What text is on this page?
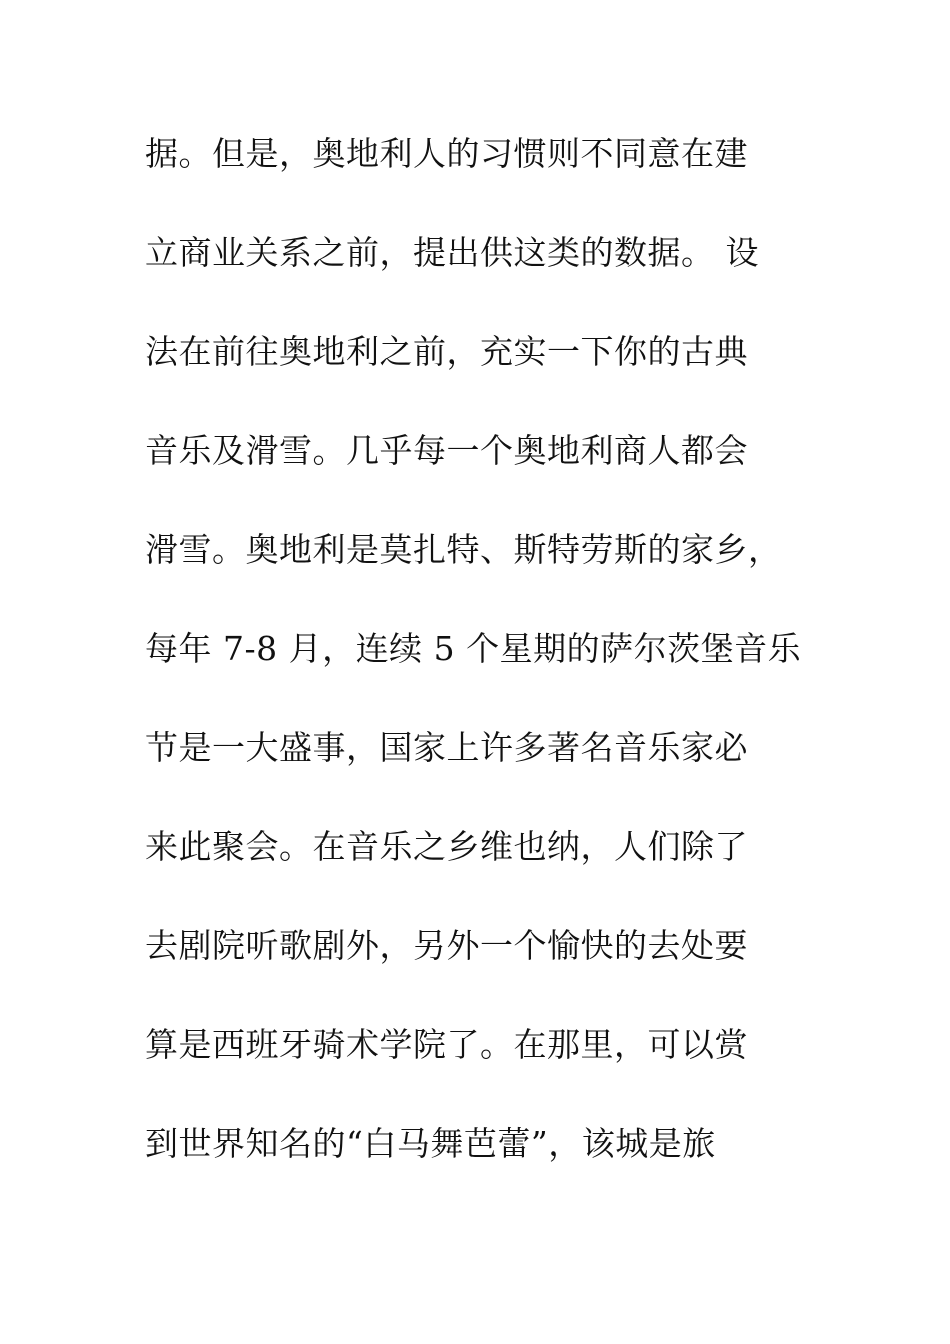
据。但是，奥地利人的习惯则不同意在建
立商业关系之前，提出供这类的数据。 设
法在前往奥地利之前，充实一下你的古典
音乐及滑雪。几乎每一个奥地利商人都会
滑雪。奥地利是莫扎特、斯特劳斯的家乡，
每年 7-8 月，连续 5 个星期的萨尔茨堡音乐
节是一大盛事，国家上许多著名音乐家必
来此聚会。在音乐之乡维也纳，人们除了
去剧院听歌剧外，另外一个愉快的去处要
算是西班牙骑术学院了。在那里，可以赏
到世界知名的“白马舞芭蕾”，该城是旅
